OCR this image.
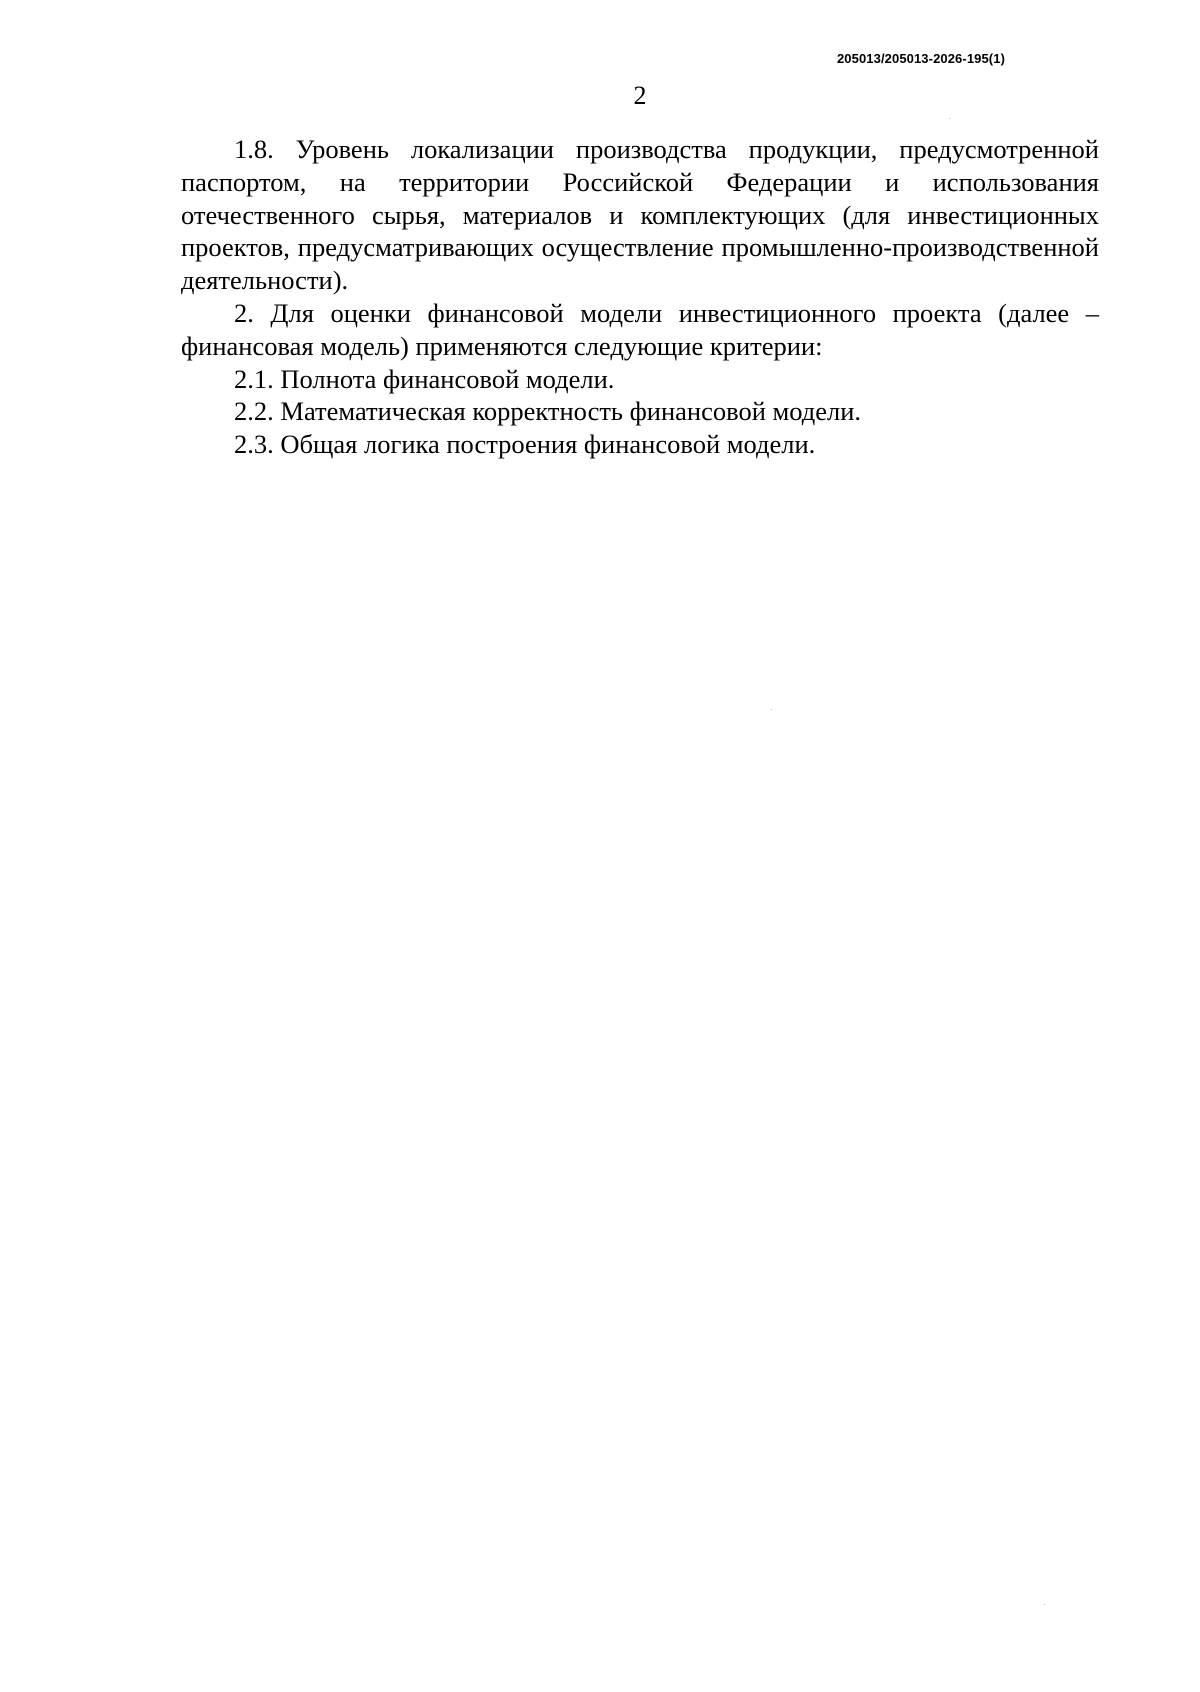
205013/205013-2026-195(1)
2

1.8. Уровень локализации производства продукции, предусмотренной паспортом, на территории Российской Федерации и использования отечественного сырья, материалов и комплектующих (для инвестиционных проектов, предусматривающих осуществление промышленно-производственной деятельности).

2. Для оценки финансовой модели инвестиционного проекта (далее – финансовая модель) применяются следующие критерии:

2.1. Полнота финансовой модели.

2.2. Математическая корректность финансовой модели.

2.3. Общая логика построения финансовой модели.
